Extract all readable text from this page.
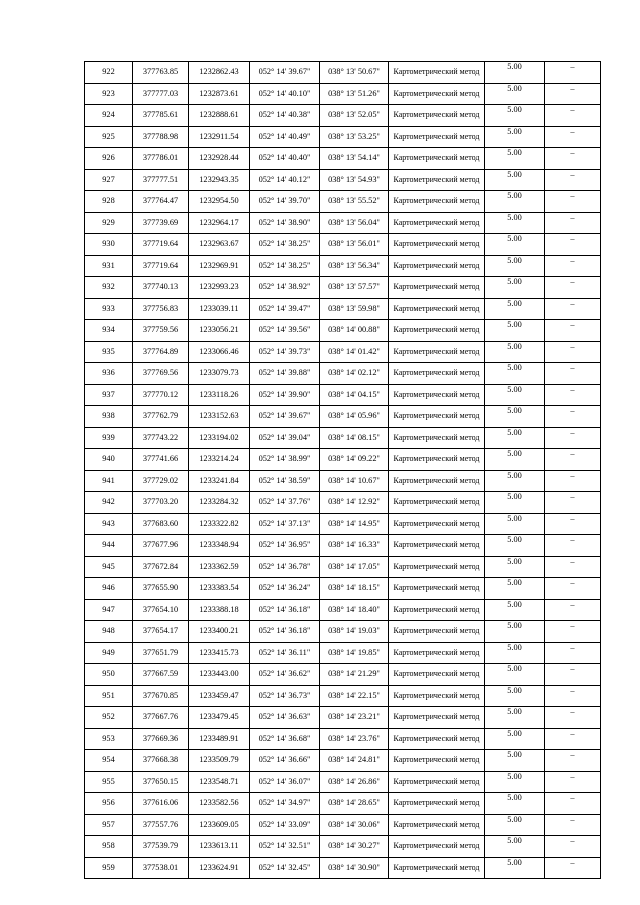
922	377763.85	1232862.43	052° 14' 39.67"	038° 13' 50.67"	Картометрический метод	5.00	–
923	377777.03	1232873.61	052° 14' 40.10"	038° 13' 51.26"	Картометрический метод	5.00	–
924	377785.61	1232888.61	052° 14' 40.38"	038° 13' 52.05"	Картометрический метод	5.00	–
925	377788.98	1232911.54	052° 14' 40.49"	038° 13' 53.25"	Картометрический метод	5.00	–
926	377786.01	1232928.44	052° 14' 40.40"	038° 13' 54.14"	Картометрический метод	5.00	–
927	377777.51	1232943.35	052° 14' 40.12"	038° 13' 54.93"	Картометрический метод	5.00	–
928	377764.47	1232954.50	052° 14' 39.70"	038° 13' 55.52"	Картометрический метод	5.00	–
929	377739.69	1232964.17	052° 14' 38.90"	038° 13' 56.04"	Картометрический метод	5.00	–
930	377719.64	1232963.67	052° 14' 38.25"	038° 13' 56.01"	Картометрический метод	5.00	–
931	377719.64	1232969.91	052° 14' 38.25"	038° 13' 56.34"	Картометрический метод	5.00	–
932	377740.13	1232993.23	052° 14' 38.92"	038° 13' 57.57"	Картометрический метод	5.00	–
933	377756.83	1233039.11	052° 14' 39.47"	038° 13' 59.98"	Картометрический метод	5.00	–
934	377759.56	1233056.21	052° 14' 39.56"	038° 14' 00.88"	Картометрический метод	5.00	–
935	377764.89	1233066.46	052° 14' 39.73"	038° 14' 01.42"	Картометрический метод	5.00	–
936	377769.56	1233079.73	052° 14' 39.88"	038° 14' 02.12"	Картометрический метод	5.00	–
937	377770.12	1233118.26	052° 14' 39.90"	038° 14' 04.15"	Картометрический метод	5.00	–
938	377762.79	1233152.63	052° 14' 39.67"	038° 14' 05.96"	Картометрический метод	5.00	–
939	377743.22	1233194.02	052° 14' 39.04"	038° 14' 08.15"	Картометрический метод	5.00	–
940	377741.66	1233214.24	052° 14' 38.99"	038° 14' 09.22"	Картометрический метод	5.00	–
941	377729.02	1233241.84	052° 14' 38.59"	038° 14' 10.67"	Картометрический метод	5.00	–
942	377703.20	1233284.32	052° 14' 37.76"	038° 14' 12.92"	Картометрический метод	5.00	–
943	377683.60	1233322.82	052° 14' 37.13"	038° 14' 14.95"	Картометрический метод	5.00	–
944	377677.96	1233348.94	052° 14' 36.95"	038° 14' 16.33"	Картометрический метод	5.00	–
945	377672.84	1233362.59	052° 14' 36.78"	038° 14' 17.05"	Картометрический метод	5.00	–
946	377655.90	1233383.54	052° 14' 36.24"	038° 14' 18.15"	Картометрический метод	5.00	–
947	377654.10	1233388.18	052° 14' 36.18"	038° 14' 18.40"	Картометрический метод	5.00	–
948	377654.17	1233400.21	052° 14' 36.18"	038° 14' 19.03"	Картометрический метод	5.00	–
949	377651.79	1233415.73	052° 14' 36.11"	038° 14' 19.85"	Картометрический метод	5.00	–
950	377667.59	1233443.00	052° 14' 36.62"	038° 14' 21.29"	Картометрический метод	5.00	–
951	377670.85	1233459.47	052° 14' 36.73"	038° 14' 22.15"	Картометрический метод	5.00	–
952	377667.76	1233479.45	052° 14' 36.63"	038° 14' 23.21"	Картометрический метод	5.00	–
953	377669.36	1233489.91	052° 14' 36.68"	038° 14' 23.76"	Картометрический метод	5.00	–
954	377668.38	1233509.79	052° 14' 36.66"	038° 14' 24.81"	Картометрический метод	5.00	–
955	377650.15	1233548.71	052° 14' 36.07"	038° 14' 26.86"	Картометрический метод	5.00	–
956	377616.06	1233582.56	052° 14' 34.97"	038° 14' 28.65"	Картометрический метод	5.00	–
957	377557.76	1233609.05	052° 14' 33.09"	038° 14' 30.06"	Картометрический метод	5.00	–
958	377539.79	1233613.11	052° 14' 32.51"	038° 14' 30.27"	Картометрический метод	5.00	–
959	377538.01	1233624.91	052° 14' 32.45"	038° 14' 30.90"	Картометрический метод	5.00	–
